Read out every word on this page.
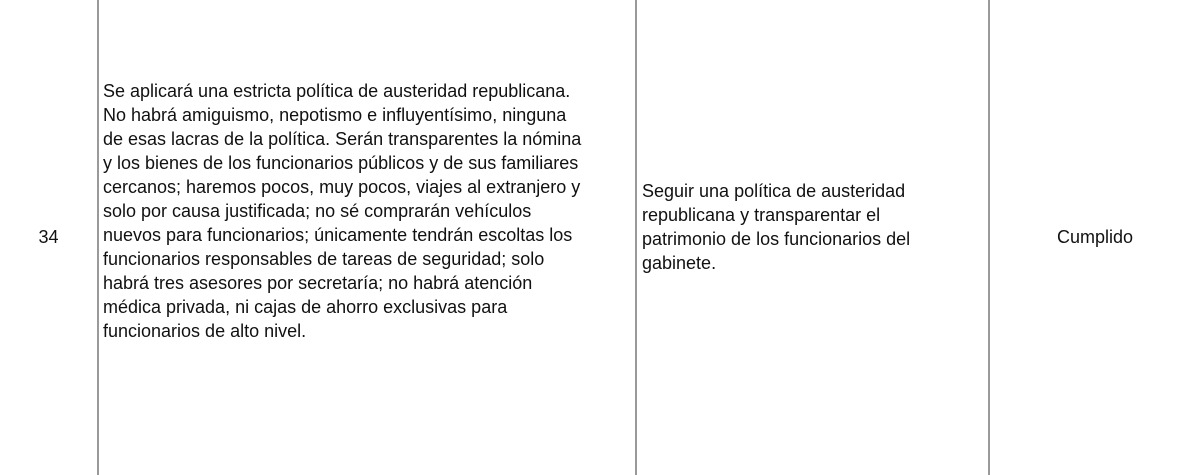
34
Se aplicará una estricta política de austeridad republicana.
No habrá amiguismo, nepotismo e influyentísimo, ninguna
de esas lacras de la política. Serán transparentes la nómina
y los bienes de los funcionarios públicos y de sus familiares
cercanos; haremos pocos, muy pocos, viajes al extranjero y
solo por causa justificada; no sé comprarán vehículos
nuevos para funcionarios; únicamente tendrán escoltas los
funcionarios responsables de tareas de seguridad; solo
habrá tres asesores por secretaría; no habrá atención
médica privada, ni cajas de ahorro exclusivas para
funcionarios de alto nivel.
Seguir una política de austeridad
republicana y transparentar el
patrimonio de los funcionarios del
gabinete.
Cumplido
